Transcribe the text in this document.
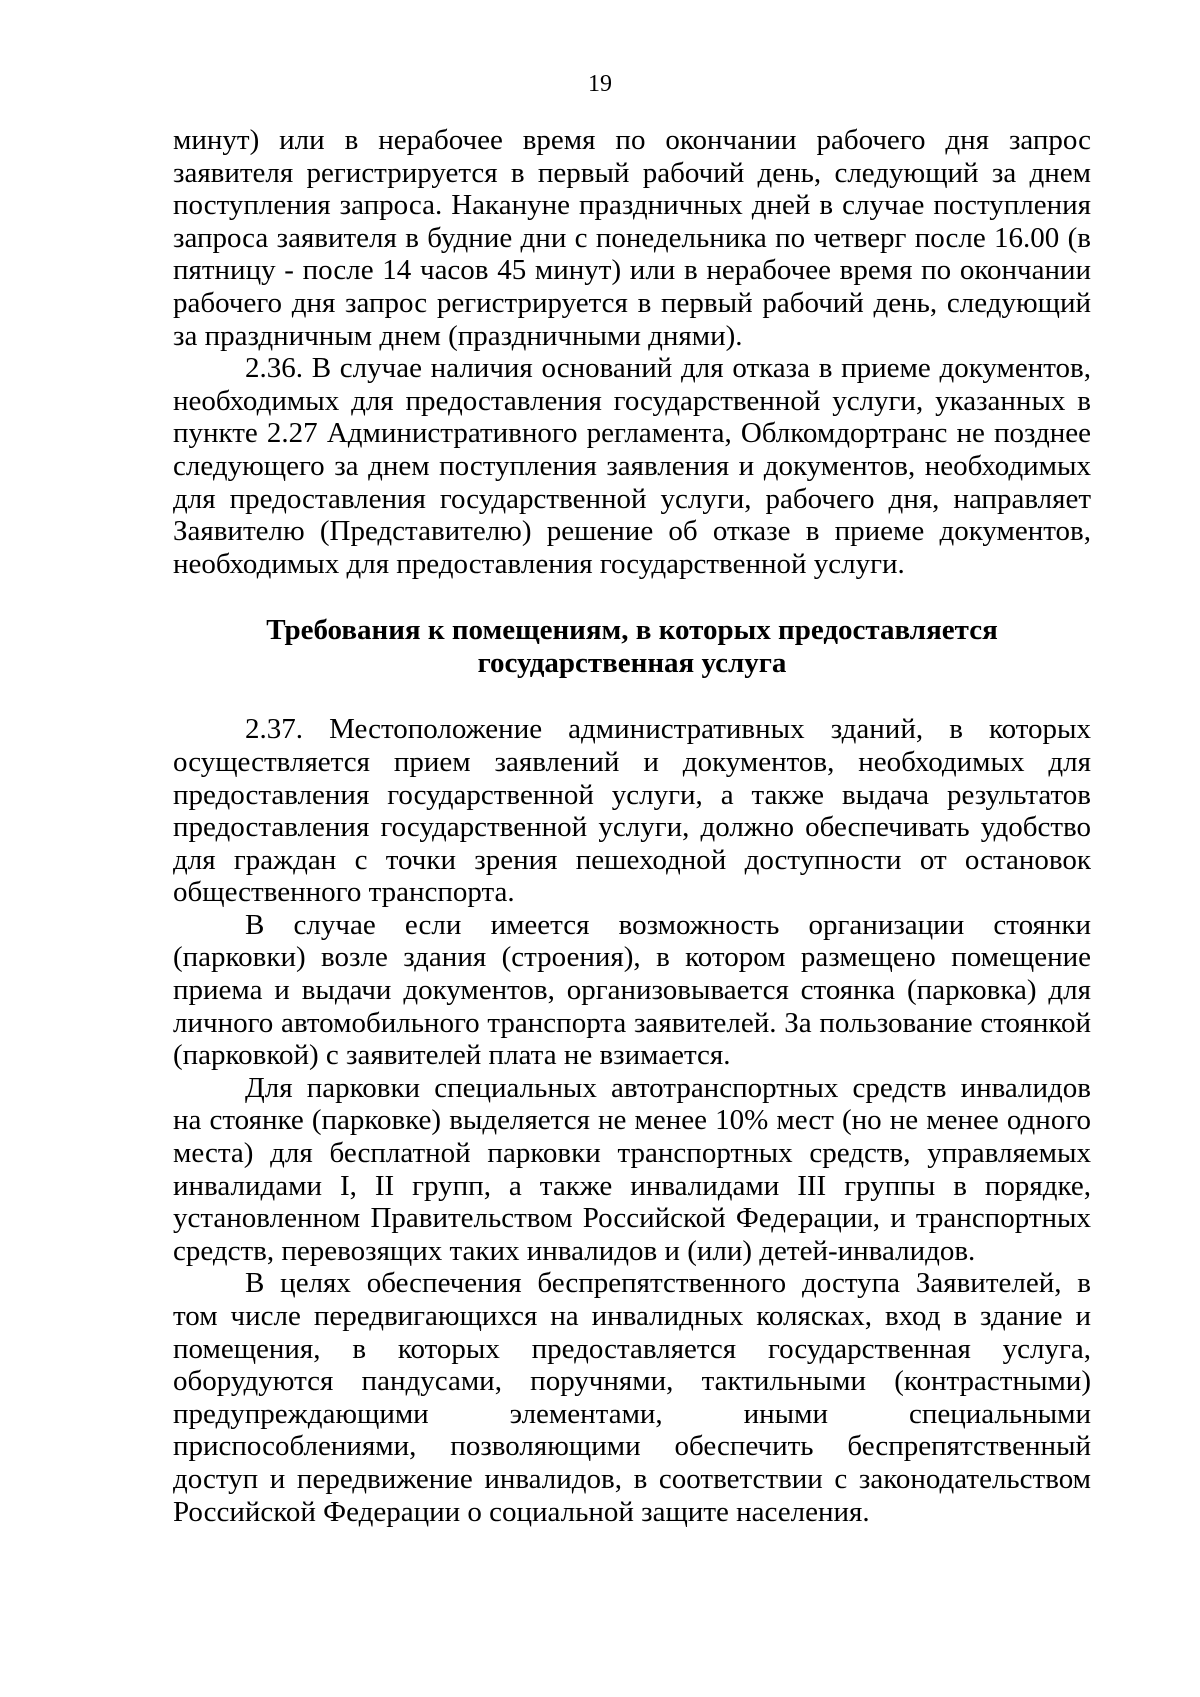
19

минут) или в нерабочее время по окончании рабочего дня запрос заявителя регистрируется в первый рабочий день, следующий за днем поступления запроса. Накануне праздничных дней в случае поступления запроса заявителя в будние дни с понедельника по четверг после 16.00 (в пятницу - после 14 часов 45 минут) или в нерабочее время по окончании рабочего дня запрос регистрируется в первый рабочий день, следующий за праздничным днем (праздничными днями).

2.36. В случае наличия оснований для отказа в приеме документов, необходимых для предоставления государственной услуги, указанных в пункте 2.27 Административного регламента, Облкомдортранс не позднее следующего за днем поступления заявления и документов, необходимых для предоставления государственной услуги, рабочего дня, направляет Заявителю (Представителю) решение об отказе в приеме документов, необходимых для предоставления государственной услуги.

Требования к помещениям, в которых предоставляется
государственная услуга

2.37. Местоположение административных зданий, в которых осуществляется прием заявлений и документов, необходимых для предоставления государственной услуги, а также выдача результатов предоставления государственной услуги, должно обеспечивать удобство для граждан с точки зрения пешеходной доступности от остановок общественного транспорта.

В случае если имеется возможность организации стоянки (парковки) возле здания (строения), в котором размещено помещение приема и выдачи документов, организовывается стоянка (парковка) для личного автомобильного транспорта заявителей. За пользование стоянкой (парковкой) с заявителей плата не взимается.

Для парковки специальных автотранспортных средств инвалидов на стоянке (парковке) выделяется не менее 10% мест (но не менее одного места) для бесплатной парковки транспортных средств, управляемых инвалидами I, II групп, а также инвалидами III группы в порядке, установленном Правительством Российской Федерации, и транспортных средств, перевозящих таких инвалидов и (или) детей-инвалидов.

В целях обеспечения беспрепятственного доступа Заявителей, в том числе передвигающихся на инвалидных колясках, вход в здание и помещения, в которых предоставляется государственная услуга, оборудуются пандусами, поручнями, тактильными (контрастными) предупреждающими элементами, иными специальными приспособлениями, позволяющими обеспечить беспрепятственный доступ и передвижение инвалидов, в соответствии с законодательством Российской Федерации о социальной защите населения.
